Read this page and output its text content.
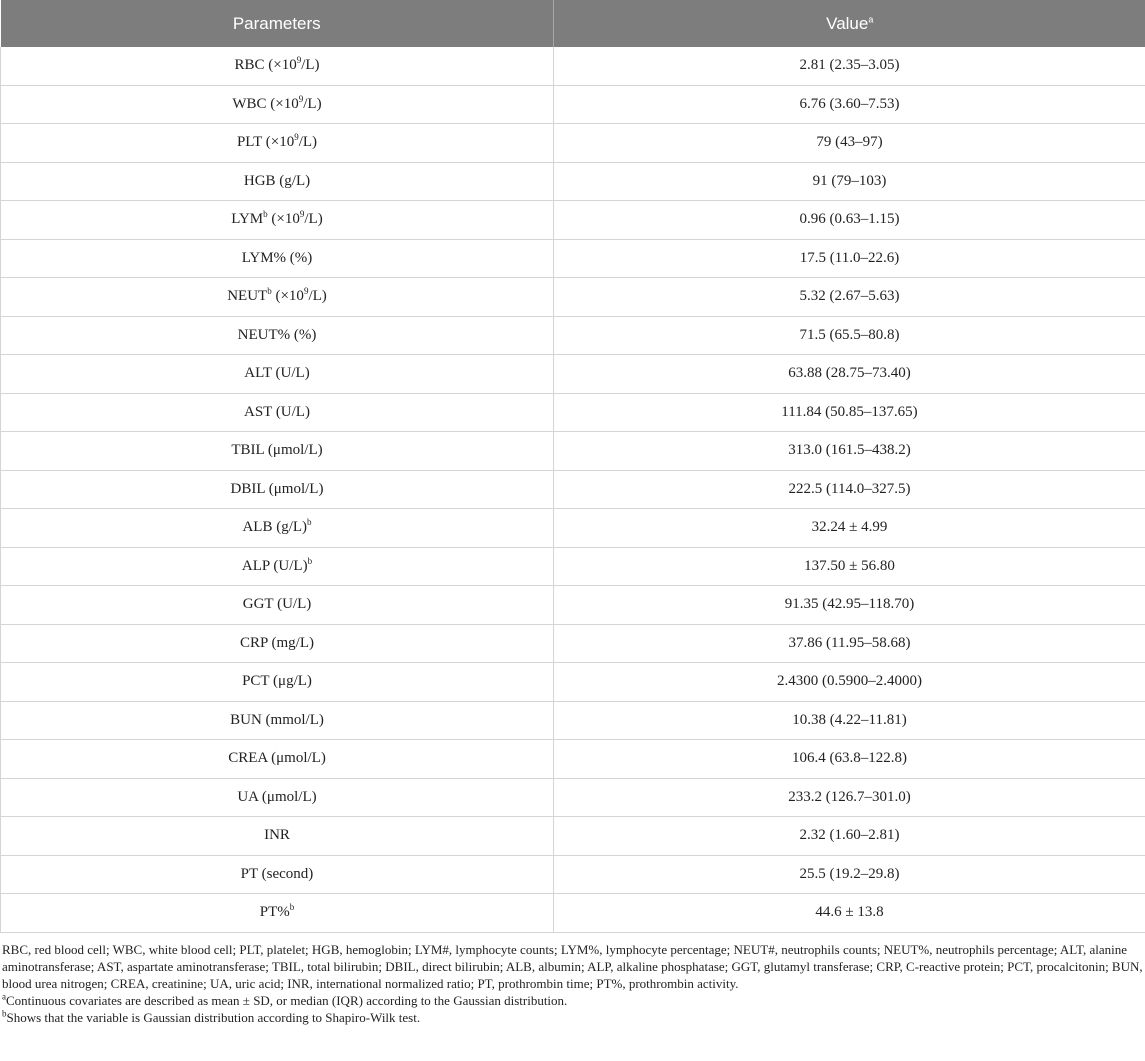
Parameters	Value$^a$
RBC $(\times 10^9/L)$	2.81 (2.35–3.05)
WBC $(\times 10^9/L)$	6.76 (3.60–7.53)
PLT $(\times 10^9/L)$	79 (43–97)
HGB (g/L)	91 (79–103)
LYM$^b$ $(\times 10^9/L)$	0.96 (0.63–1.15)
LYM% (%)	17.5 (11.0–22.6)
NEUT$^b$ $(\times 10^9/L)$	5.32 (2.67–5.63)
NEUT% (%)	71.5 (65.5–80.8)
ALT (U/L)	63.88 (28.75–73.40)
AST (U/L)	111.84 (50.85–137.65)
TBIL (μmol/L)	313.0 (161.5–438.2)
DBIL (μmol/L)	222.5 (114.0–327.5)
ALB $(g/L)^b$	32.24 ± 4.99
ALP $(U/L)^b$	137.50 ± 56.80
GGT (U/L)	91.35 (42.95–118.70)
CRP (mg/L)	37.86 (11.95–58.68)
PCT (μg/L)	2.4300 (0.5900–2.4000)
BUN (mmol/L)	10.38 (4.22–11.81)
CREA (μmol/L)	106.4 (63.8–122.8)
UA (μmol/L)	233.2 (126.7–301.0)
INR	2.32 (1.60–2.81)
PT (second)	25.5 (19.2–29.8)
PT%$^b$	44.6 ± 13.8

RBC, red blood cell; WBC, white blood cell; PLT, platelet; HGB, hemoglobin; LYM#, lymphocyte counts; LYM%, lymphocyte percentage; NEUT#, neutrophils counts; NEUT%, neutrophils percentage; ALT, alanine aminotransferase; AST, aspartate aminotransferase; TBIL, total bilirubin; DBIL, direct bilirubin; ALB, albumin; ALP, alkaline phosphatase; GGT, glutamyl transferase; CRP, C-reactive protein; PCT, procalcitonin; BUN, blood urea nitrogen; CREA, creatinine; UA, uric acid; INR, international normalized ratio; PT, prothrombin time; PT%, prothrombin activity.

$^a$Continuous covariates are described as mean ± SD, or median (IQR) according to the Gaussian distribution.

$^b$Shows that the variable is Gaussian distribution according to Shapiro-Wilk test.
